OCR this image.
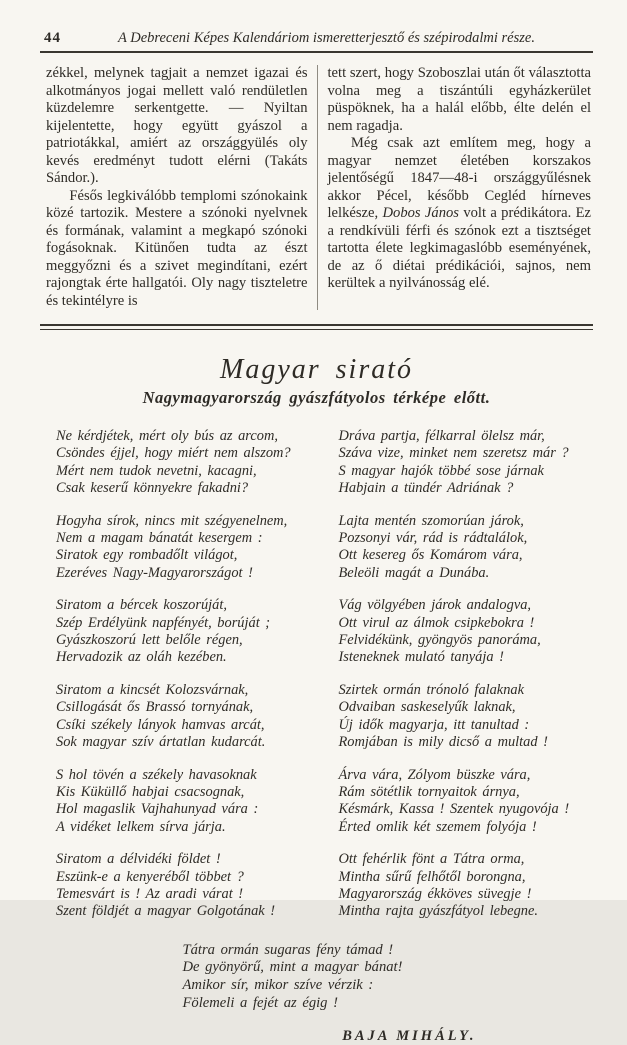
44	A Debreceni Képes Kalendáriom ismeretterjesztő és szépirodalmi része.

zékkel, melynek tagjait a nemzet igazai és alkotmányos jogai mellett való rendületlen küzdelemre serkentgette. — Nyiltan kijelentette, hogy együtt gyászol a patriotákkal, amiért az országgyülés oly kevés eredményt tudott elérni (Takáts Sándor.).

Fésős legkiválóbb templomi szónokaink közé tartozik. Mestere a szónoki nyelvnek és formának, valamint a megkapó szónoki fogásoknak. Kitünően tudta az észt meggyőzni és a szivet megindítani, ezért rajongtak érte hallgatói. Oly nagy tiszteletre és tekintélyre is

tett szert, hogy Szoboszlai után őt választotta volna meg a tiszántúli egyházkerület püspöknek, ha a halál előbb, élte delén el nem ragadja.

Még csak azt említem meg, hogy a magyar nemzet életében korszakos jelentőségű 1847—48-i országgyűlésnek akkor Pécel, később Cegléd hírneves lelkésze, Dobos János volt a prédikátora. Ez a rendkívüli férfi és szónok ezt a tisztséget tartotta élete legkimagaslóbb eseményének, de az ő diétai prédikációi, sajnos, nem kerültek a nyilvánosság elé.

Magyar sirató
Nagymagyarország gyászfátyolos térképe előtt.
Ne kérdjétek, mért oly bús az arcom,
Csöndes éjjel, hogy miért nem alszom?
Mért nem tudok nevetni, kacagni,
Csak keserű könnyekre fakadni?
Hogyha sírok, nincs mit szégyenelnem,
Nem a magam bánatát kesergem :
Siratok egy rombadőlt világot,
Ezeréves Nagy-Magyarországot !
Siratom a bércek koszorúját,
Szép Erdélyünk napfényét, borúját ;
Gyászkoszorú lett belőle régen,
Hervadozik az oláh kezében.
Siratom a kincsét Kolozsvárnak,
Csillogását ős Brassó tornyának,
Csíki székely lányok hamvas arcát,
Sok magyar szív ártatlan kudarcát.
S hol tövén a székely havasoknak
Kis Küküllő habjai csacsognak,
Hol magaslik Vajhahunyad vára :
A vidéket lelkem sírva járja.
Siratom a délvidéki földet !
Eszünk-e a kenyeréből többet ?
Temesvárt is ! Az aradi várat !
Szent földjét a magyar Golgotának !
Dráva partja, félkarral ölelsz már,
Száva vize, minket nem szeretsz már ?
S magyar hajók többé sose járnak
Habjain a tündér Adriának ?
Lajta mentén szomorúan járok,
Pozsonyi vár, rád is rádtalálok,
Ott kesereg ős Komárom vára,
Beleöli magát a Dunába.
Vág völgyében járok andalogva,
Ott virul az álmok csipkebokra !
Felvidékünk, gyöngyös panoráma,
Isteneknek mulató tanyája !
Szirtek ormán trónoló falaknak
Odvaiban saskeselyűk laknak,
Új idők magyarja, itt tanultad :
Romjában is mily dicső a multad !
Árva vára, Zólyom büszke vára,
Rám sötétlik tornyaitok árnya,
Késmárk, Kassa ! Szentek nyugovója !
Érted omlik két szemem folyója !
Ott fehérlik fönt a Tátra orma,
Mintha sűrű felhőtől borongna,
Magyarország ékköves süvegje !
Mintha rajta gyászfátyol lebegne.
Tátra ormán sugaras fény támad !
De gyönyörű, mint a magyar bánat!
Amikor sír, mikor szíve vérzik :
Fölemeli a fejét az égig !
BAJA MIHÁLY.
